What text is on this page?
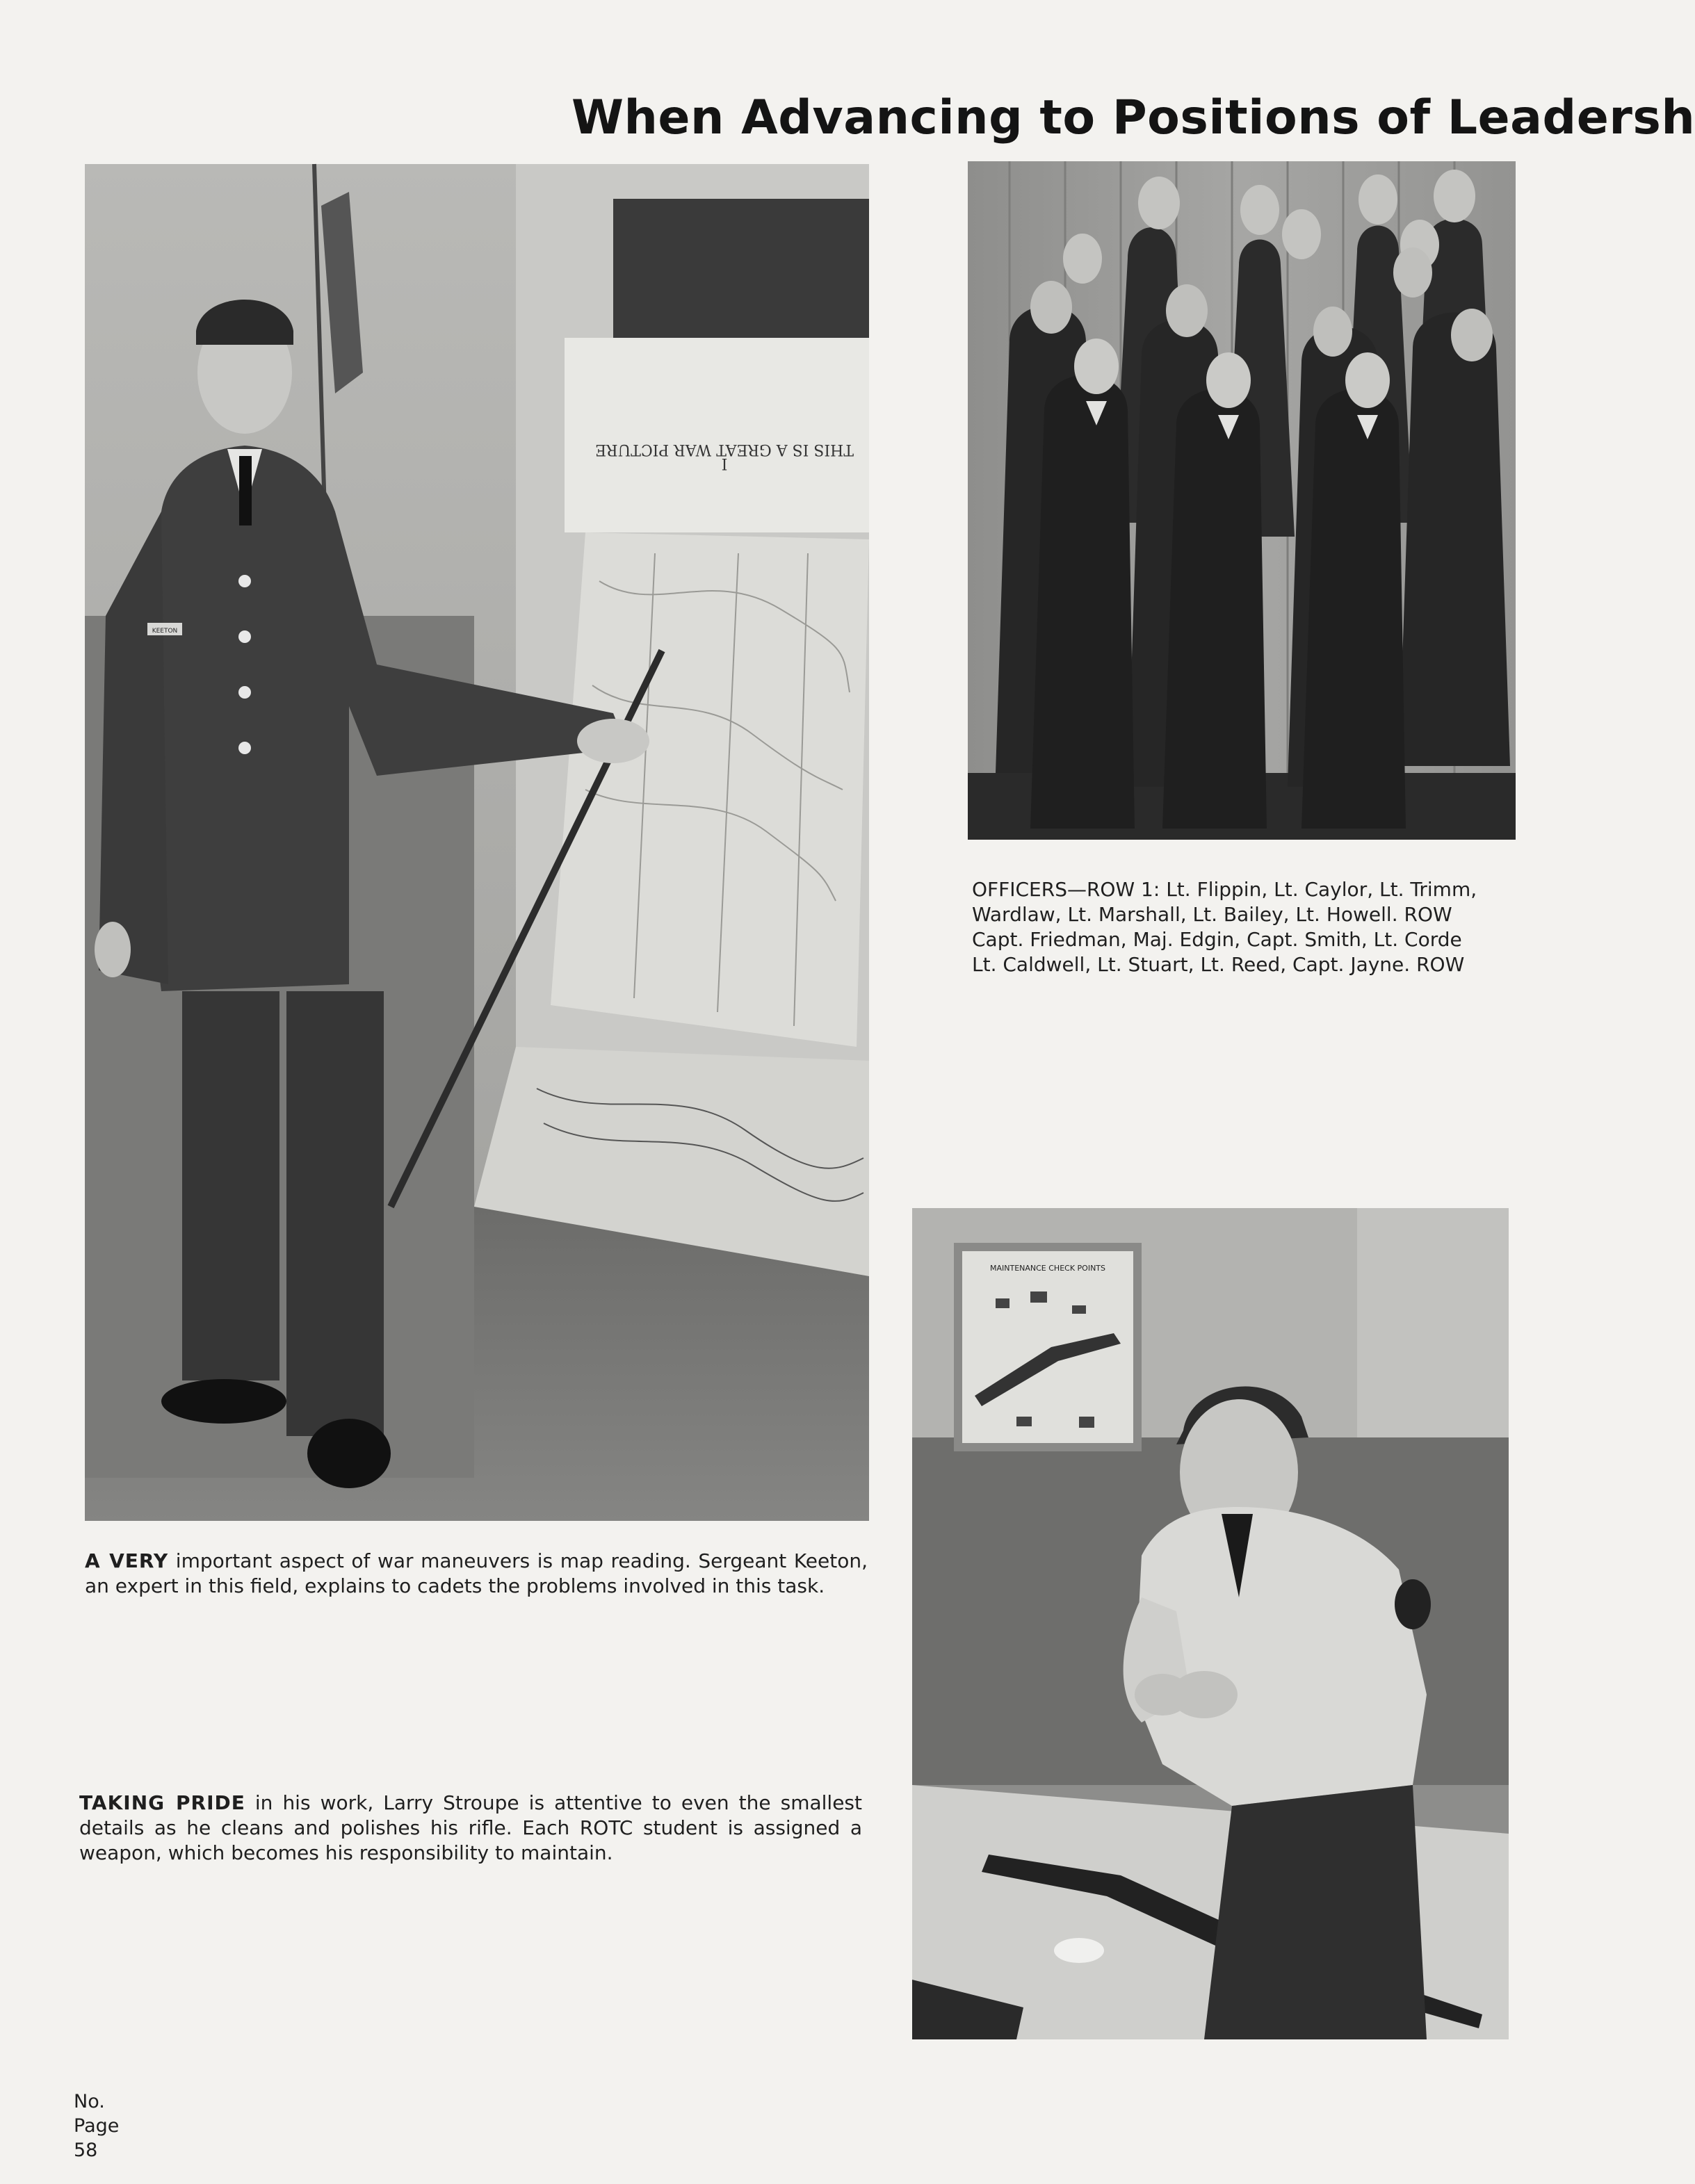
When Advancing to Positions of Leadersh
THIS IS A GREAT WAR PICTURE
I
KEETON
OFFICERS—ROW 1: Lt. Flippin, Lt. Caylor, Lt. Trimm,
Wardlaw, Lt. Marshall, Lt. Bailey, Lt. Howell. ROW
Capt. Friedman, Maj. Edgin, Capt. Smith, Lt. Corde
Lt. Caldwell, Lt. Stuart, Lt. Reed, Capt. Jayne. ROW
A VERY important aspect of war maneuvers is map reading. Sergeant Keeton, an expert in this field, explains to cadets the problems involved in this task.
MAINTENANCE CHECK POINTS
TAKING PRIDE in his work, Larry Stroupe is attentive to even the smallest details as he cleans and polishes his rifle. Each ROTC student is assigned a weapon, which becomes his responsibility to maintain.
No.
Page
58
